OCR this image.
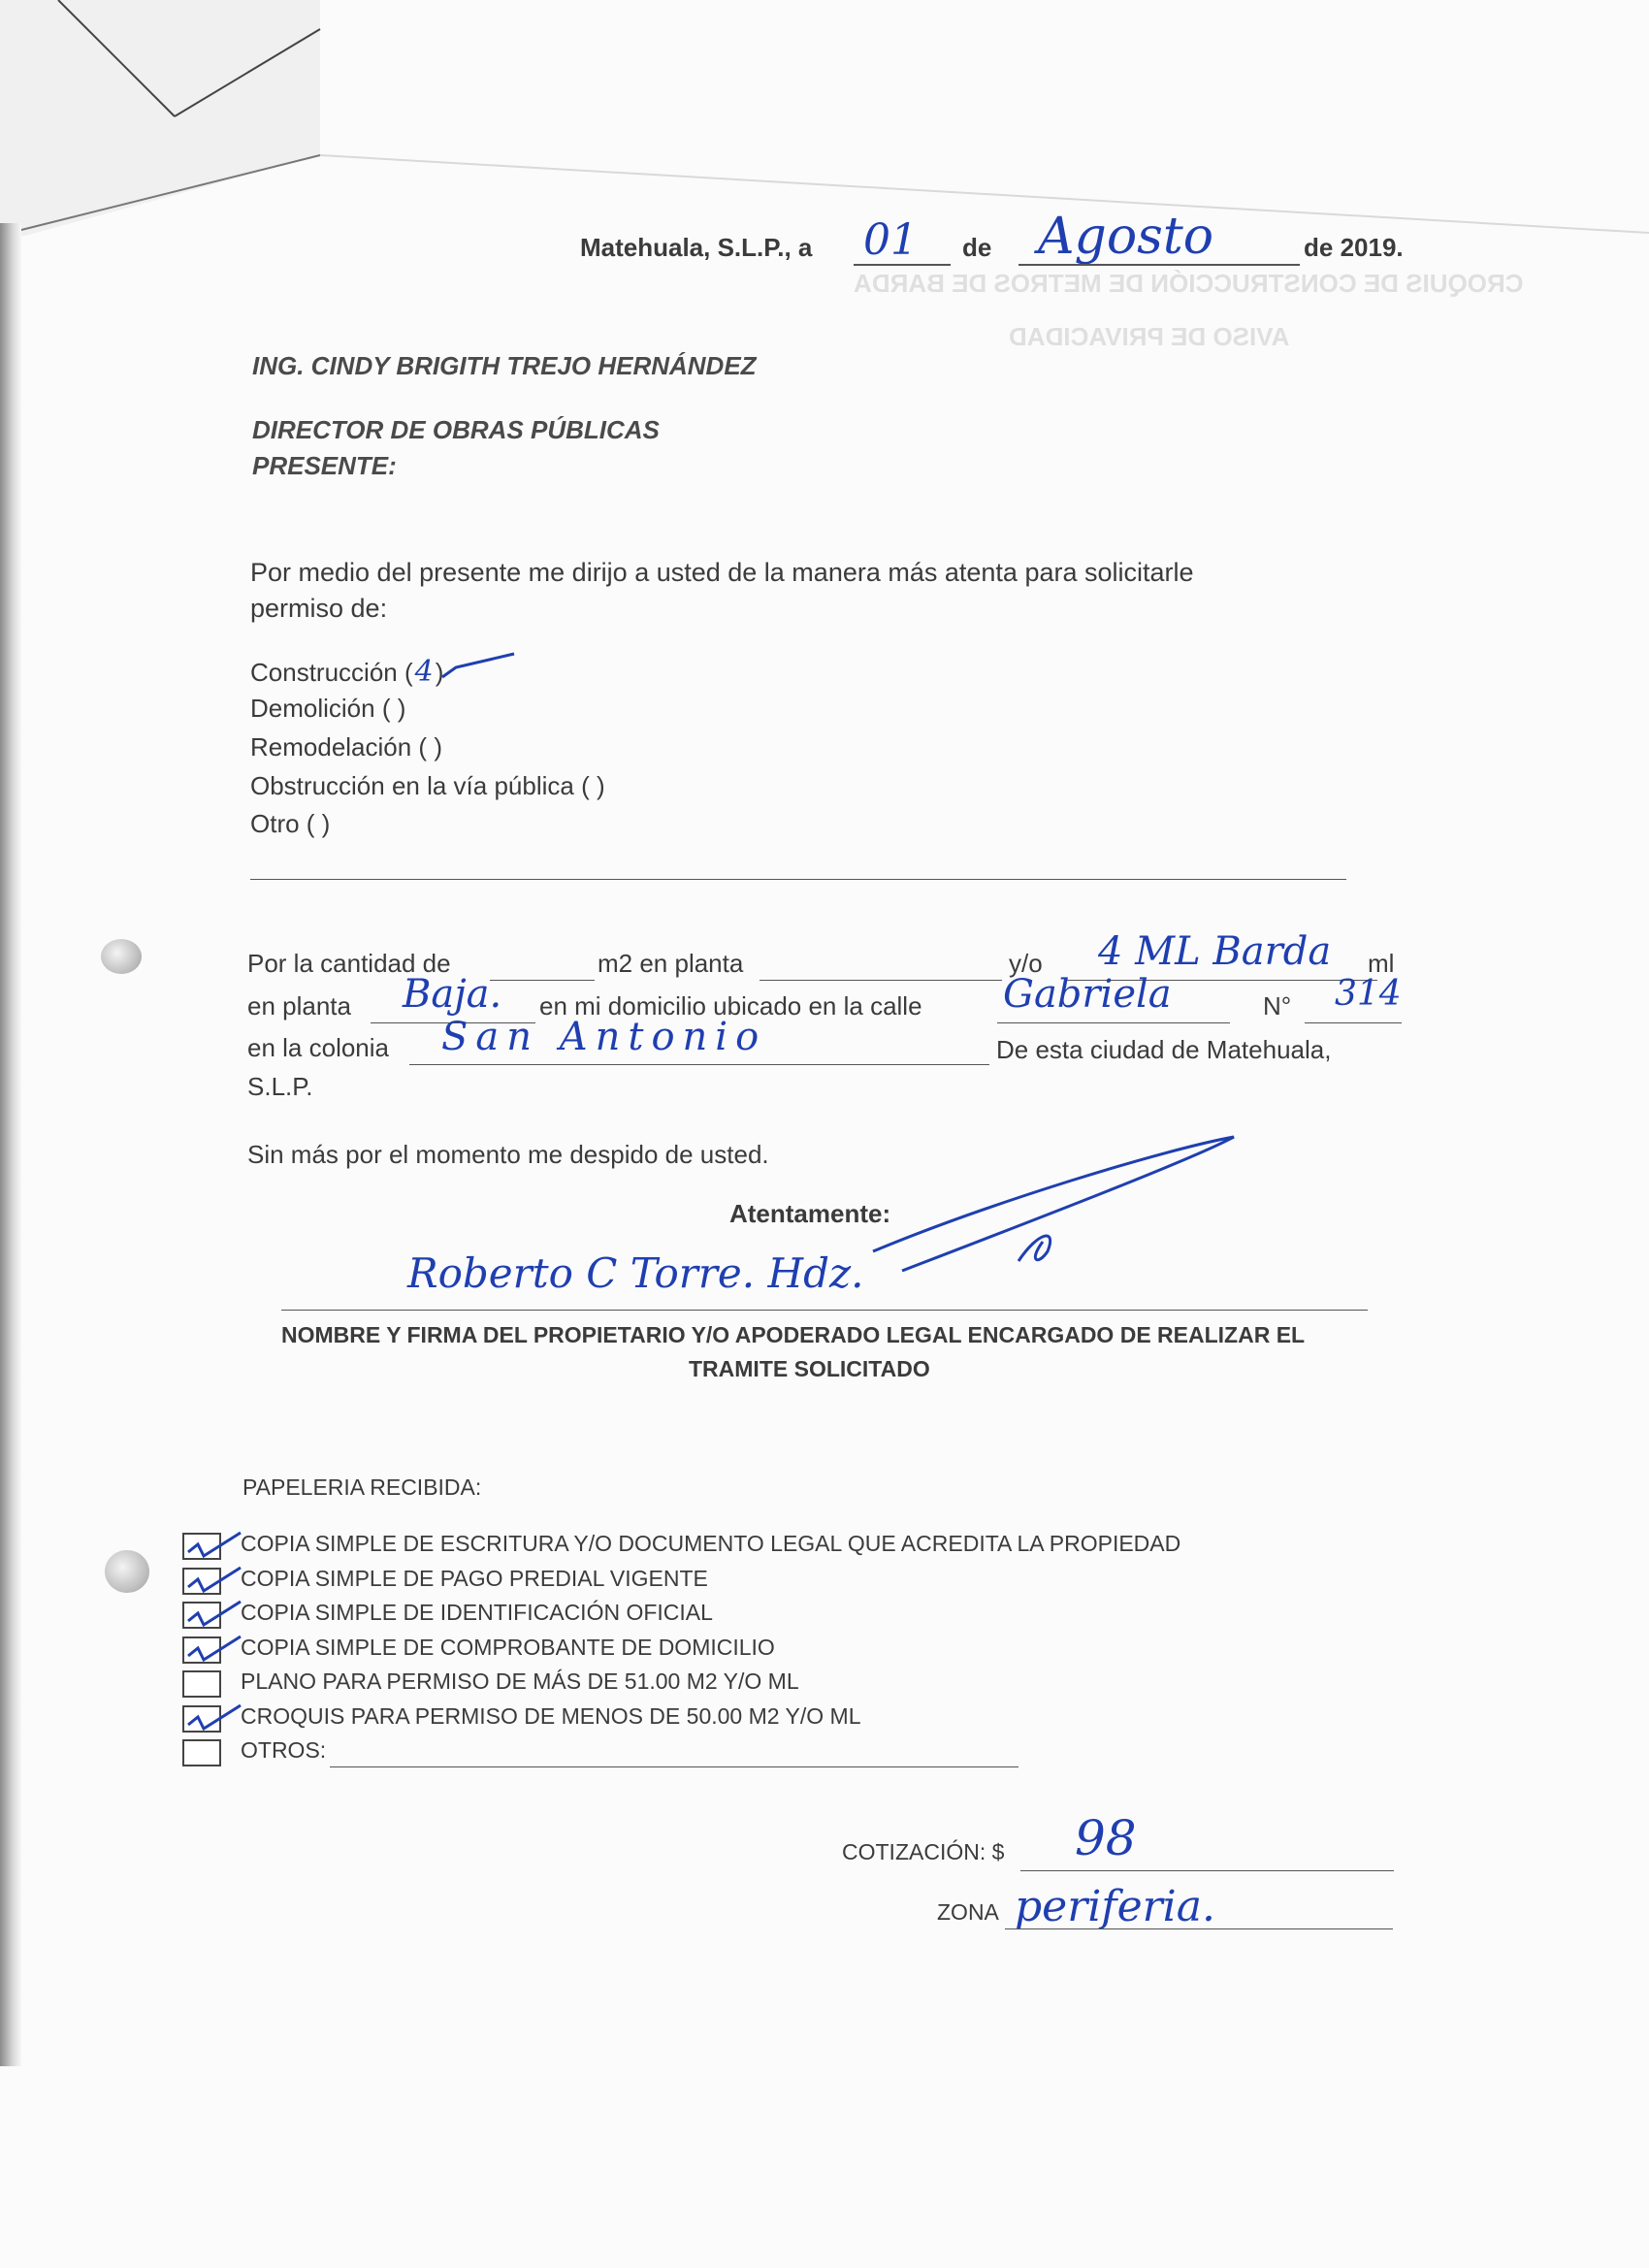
CROQUIS DE CONSTRUCCIÓN DE METROS DE BARDA
AVISO DE PRIVACIDAD
Matehuala, S.L.P., a 01 de Agosto	de 2019.
ING. CINDY BRIGITH TREJO HERNÁNDEZ
DIRECTOR DE OBRAS PÚBLICAS
PRESENTE:
Por medio del presente me dirijo a usted de la manera más atenta para solicitarle
permiso de:
Construcción (4)
Demolición ( )
Remodelación ( )
Obstrucción en la vía pública ( )
Otro ( )
Por la cantidad de	m2 en planta	y/o 4 ML Barda ml
en planta Baja. en mi domicilio ubicado en la calle Gabriela	N° 314
en la colonia San Antonio	De esta ciudad de Matehuala,
S.L.P.
Sin más por el momento me despido de usted.
Atentamente:
Roberto C Torre. Hdz.
NOMBRE Y FIRMA DEL PROPIETARIO Y/O APODERADO LEGAL ENCARGADO DE REALIZAR EL
TRAMITE SOLICITADO
PAPELERIA RECIBIDA:
COPIA SIMPLE DE ESCRITURA Y/O DOCUMENTO LEGAL QUE ACREDITA LA PROPIEDAD
COPIA SIMPLE DE PAGO PREDIAL VIGENTE
COPIA SIMPLE DE IDENTIFICACIÓN OFICIAL
COPIA SIMPLE DE COMPROBANTE DE DOMICILIO
PLANO PARA PERMISO DE MÁS DE 51.00 M2 Y/O ML
CROQUIS PARA PERMISO DE MENOS DE 50.00 M2 Y/O ML
OTROS:
COTIZACIÓN: $ 98
ZONA periferia.
